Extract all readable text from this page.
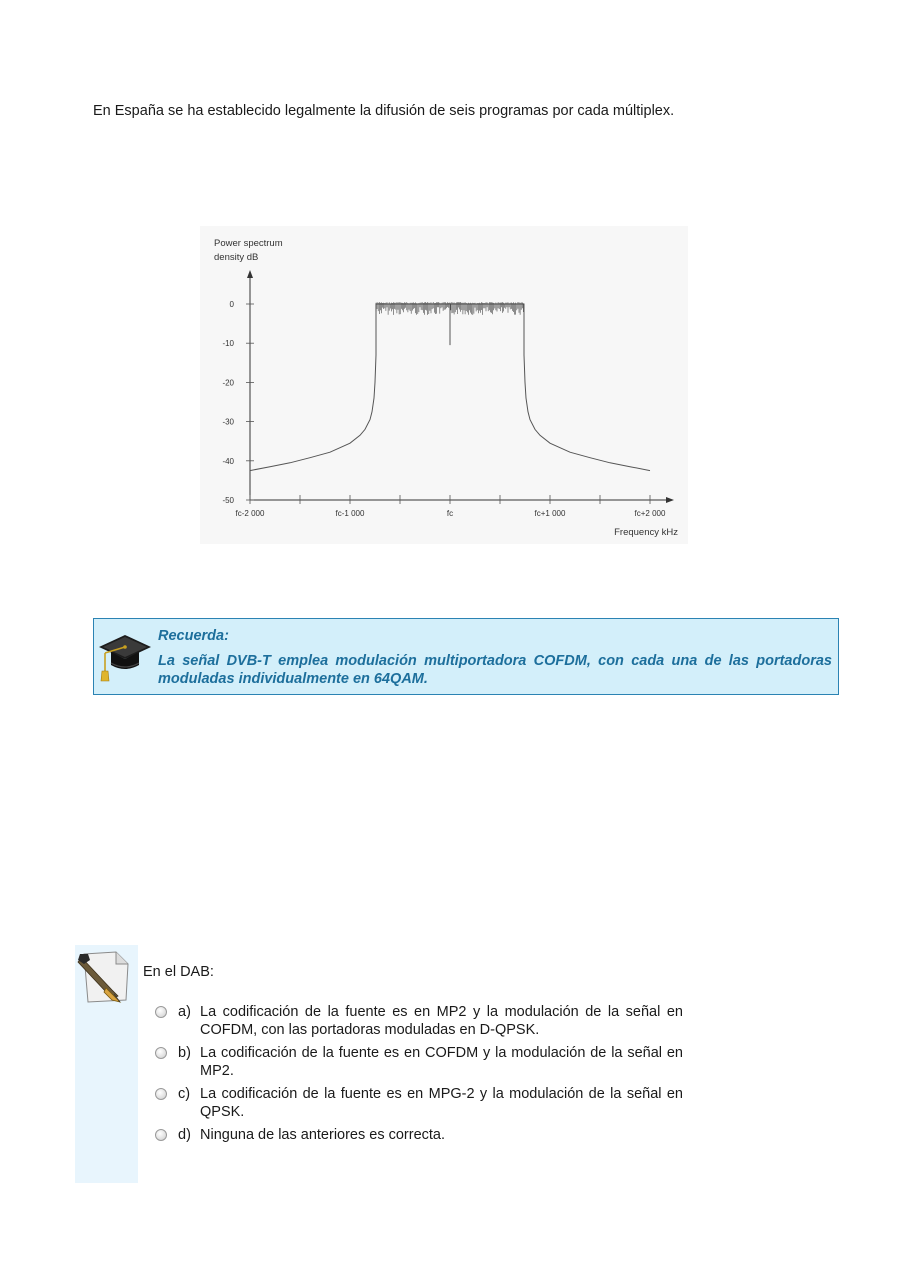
En España se ha establecido legalmente la difusión de seis programas por cada múltiplex.

Power spectrum
density dB
Frequency kHz
0
-10
-20
-30
-40
-50
fc-2 000	fc-1 000	fc	fc+1 000	fc+2 000

Recuerda:

La señal DVB-T emplea modulación multiportadora COFDM, con cada una de las portadoras moduladas individualmente en 64QAM.

En el DAB:

a) La codificación de la fuente es en MP2 y la modulación de la señal en COFDM, con las portadoras moduladas en D-QPSK.
b) La codificación de la fuente es en COFDM y la modulación de la señal en MP2.
c) La codificación de la fuente es en MPG-2 y la modulación de la señal en QPSK.
d) Ninguna de las anteriores es correcta.
